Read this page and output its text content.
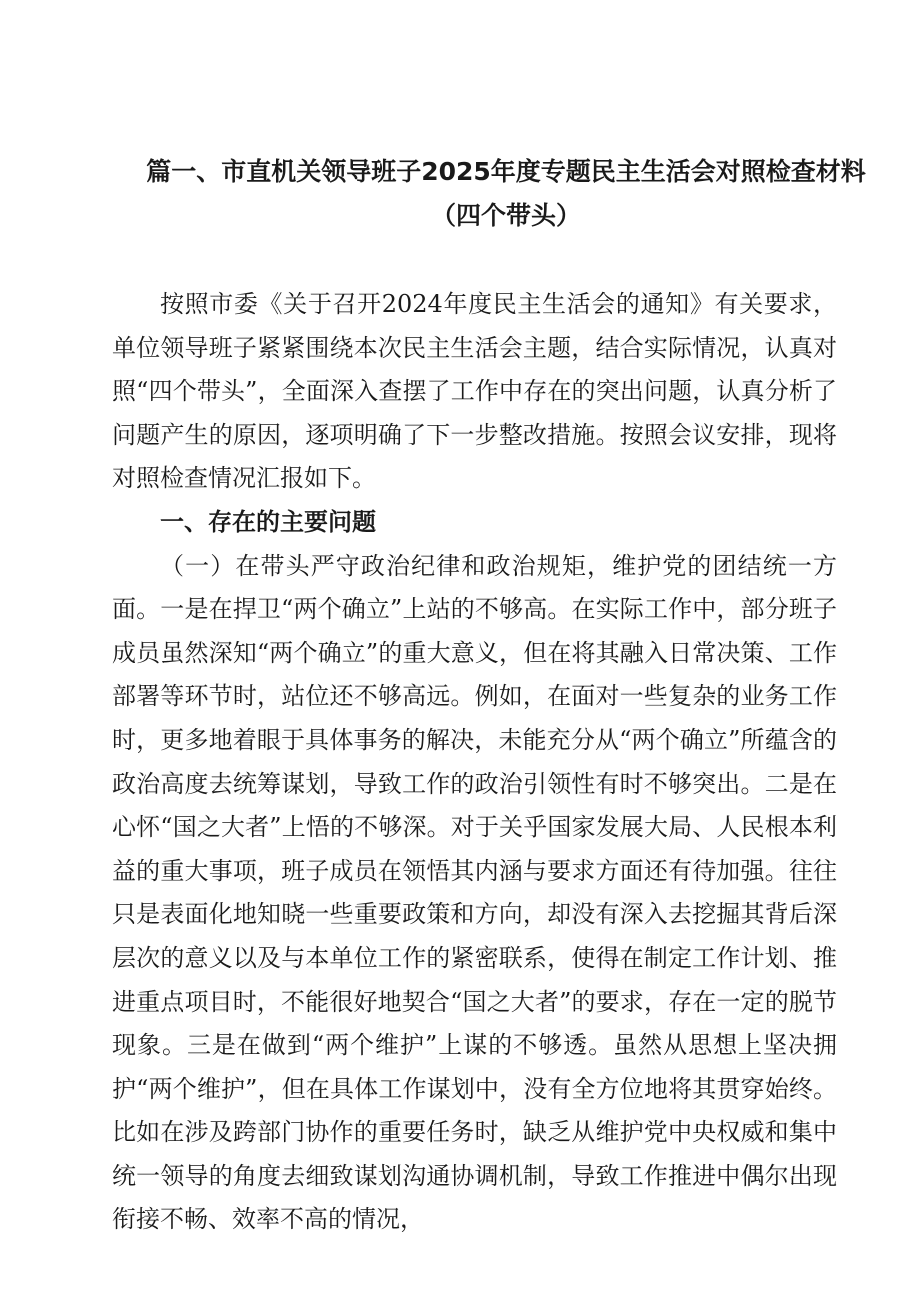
篇一、市直机关领导班子2025年度专题民主生活会对照检查材料
（四个带头）

按照市委《关于召开2024年度民主生活会的通知》有关要求，单位领导班子紧紧围绕本次民主生活会主题，结合实际情况，认真对照“四个带头”，全面深入查摆了工作中存在的突出问题，认真分析了问题产生的原因，逐项明确了下一步整改措施。按照会议安排，现将对照检查情况汇报如下。

一、存在的主要问题

（一）在带头严守政治纪律和政治规矩，维护党的团结统一方面。一是在捍卫“两个确立”上站的不够高。在实际工作中，部分班子成员虽然深知“两个确立”的重大意义，但在将其融入日常决策、工作部署等环节时，站位还不够高远。例如，在面对一些复杂的业务工作时，更多地着眼于具体事务的解决，未能充分从“两个确立”所蕴含的政治高度去统筹谋划，导致工作的政治引领性有时不够突出。二是在心怀“国之大者”上悟的不够深。对于关乎国家发展大局、人民根本利益的重大事项，班子成员在领悟其内涵与要求方面还有待加强。往往只是表面化地知晓一些重要政策和方向，却没有深入去挖掘其背后深层次的意义以及与本单位工作的紧密联系，使得在制定工作计划、推进重点项目时，不能很好地契合“国之大者”的要求，存在一定的脱节现象。三是在做到“两个维护”上谋的不够透。虽然从思想上坚决拥护“两个维护”，但在具体工作谋划中，没有全方位地将其贯穿始终。比如在涉及跨部门协作的重要任务时，缺乏从维护党中央权威和集中统一领导的角度去细致谋划沟通协调机制，导致工作推进中偶尔出现衔接不畅、效率不高的情况，
